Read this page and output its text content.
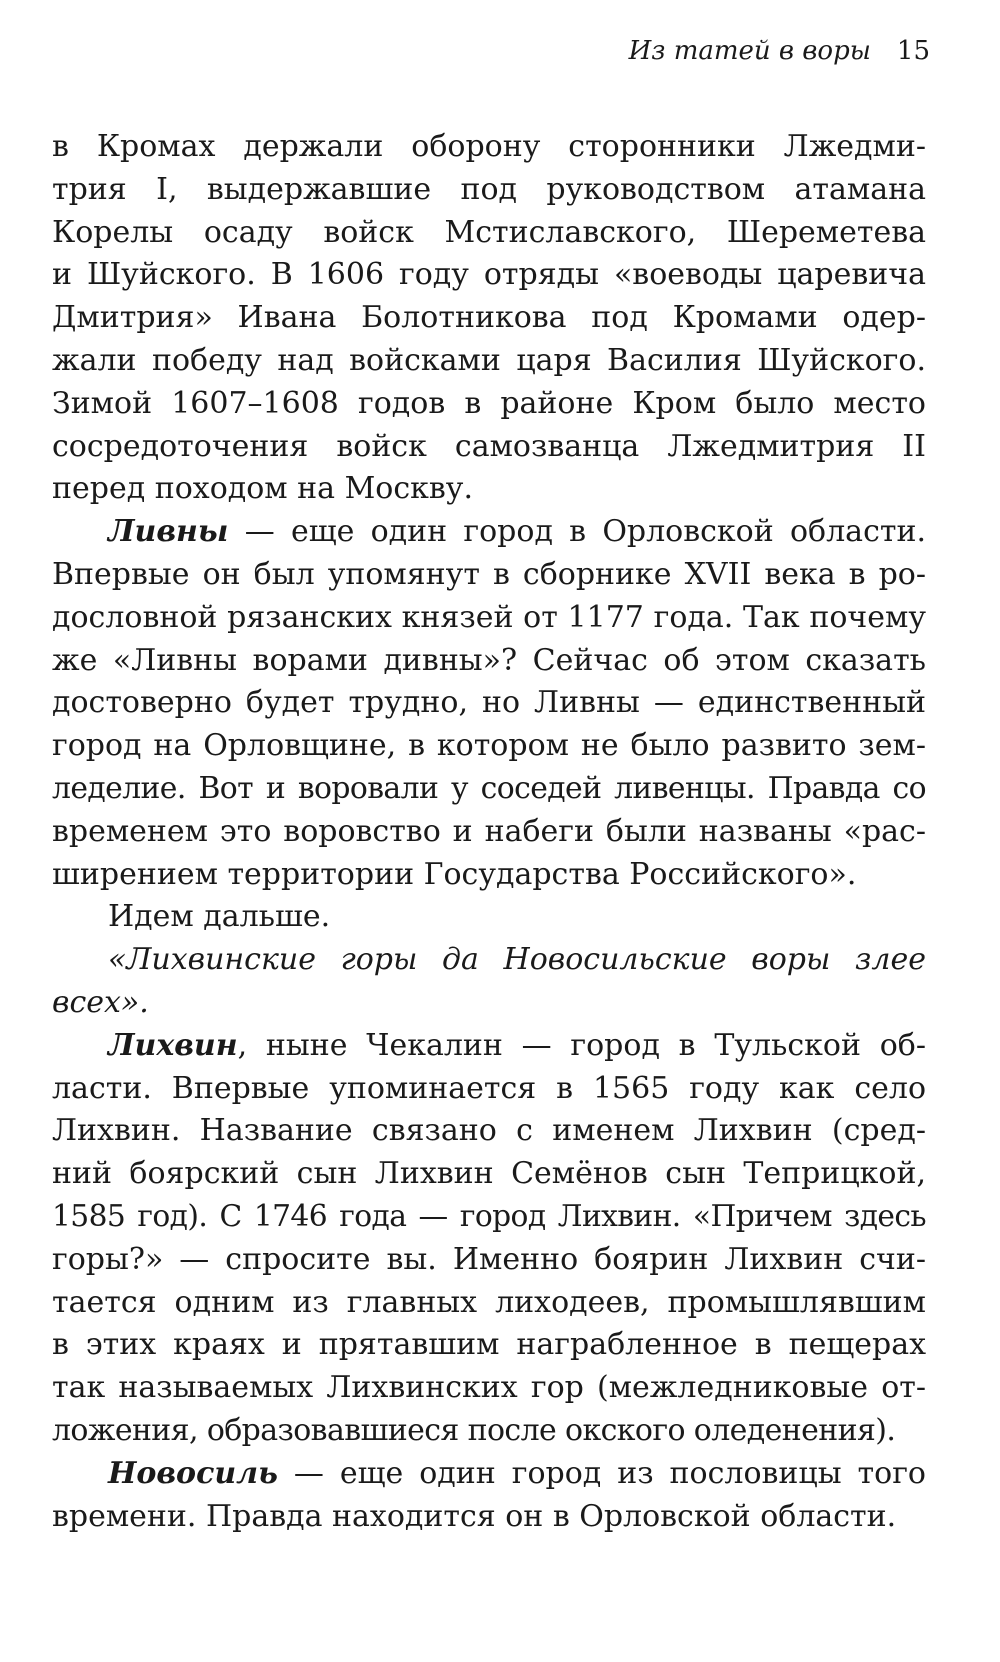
Из татей в воры 15
в Кромах держали оборону сторонники Лжедми-
трия I, выдержавшие под руководством атамана
Корелы осаду войск Мстиславского, Шереметева
и Шуйского. В 1606 году отряды «воеводы царевича
Дмитрия» Ивана Болотникова под Кромами одер-
жали победу над войсками царя Василия Шуйского.
Зимой 1607–1608 годов в районе Кром было место
сосредоточения войск самозванца Лжедмитрия II
перед походом на Москву.
Ливны — еще один город в Орловской области.
Впервые он был упомянут в сборнике XVII века в ро-
дословной рязанских князей от 1177 года. Так почему
же «Ливны ворами дивны»? Сейчас об этом сказать
достоверно будет трудно, но Ливны — единственный
город на Орловщине, в котором не было развито зем-
леделие. Вот и воровали у соседей ливенцы. Правда со
временем это воровство и набеги были названы «рас-
ширением территории Государства Российского».
Идем дальше.
«Лихвинские горы да Новосильские воры злее
всех».
Лихвин, ныне Чекалин — город в Тульской об-
ласти. Впервые упоминается в 1565 году как село
Лихвин. Название связано с именем Лихвин (сред-
ний боярский сын Лихвин Семёнов сын Теприцкой,
1585 год). С 1746 года — город Лихвин. «Причем здесь
горы?» — спросите вы. Именно боярин Лихвин счи-
тается одним из главных лиходеев, промышлявшим
в этих краях и прятавшим награбленное в пещерах
так называемых Лихвинских гор (межледниковые от-
ложения, образовавшиеся после окского оледенения).
Новосиль — еще один город из пословицы того
времени. Правда находится он в Орловской области.
